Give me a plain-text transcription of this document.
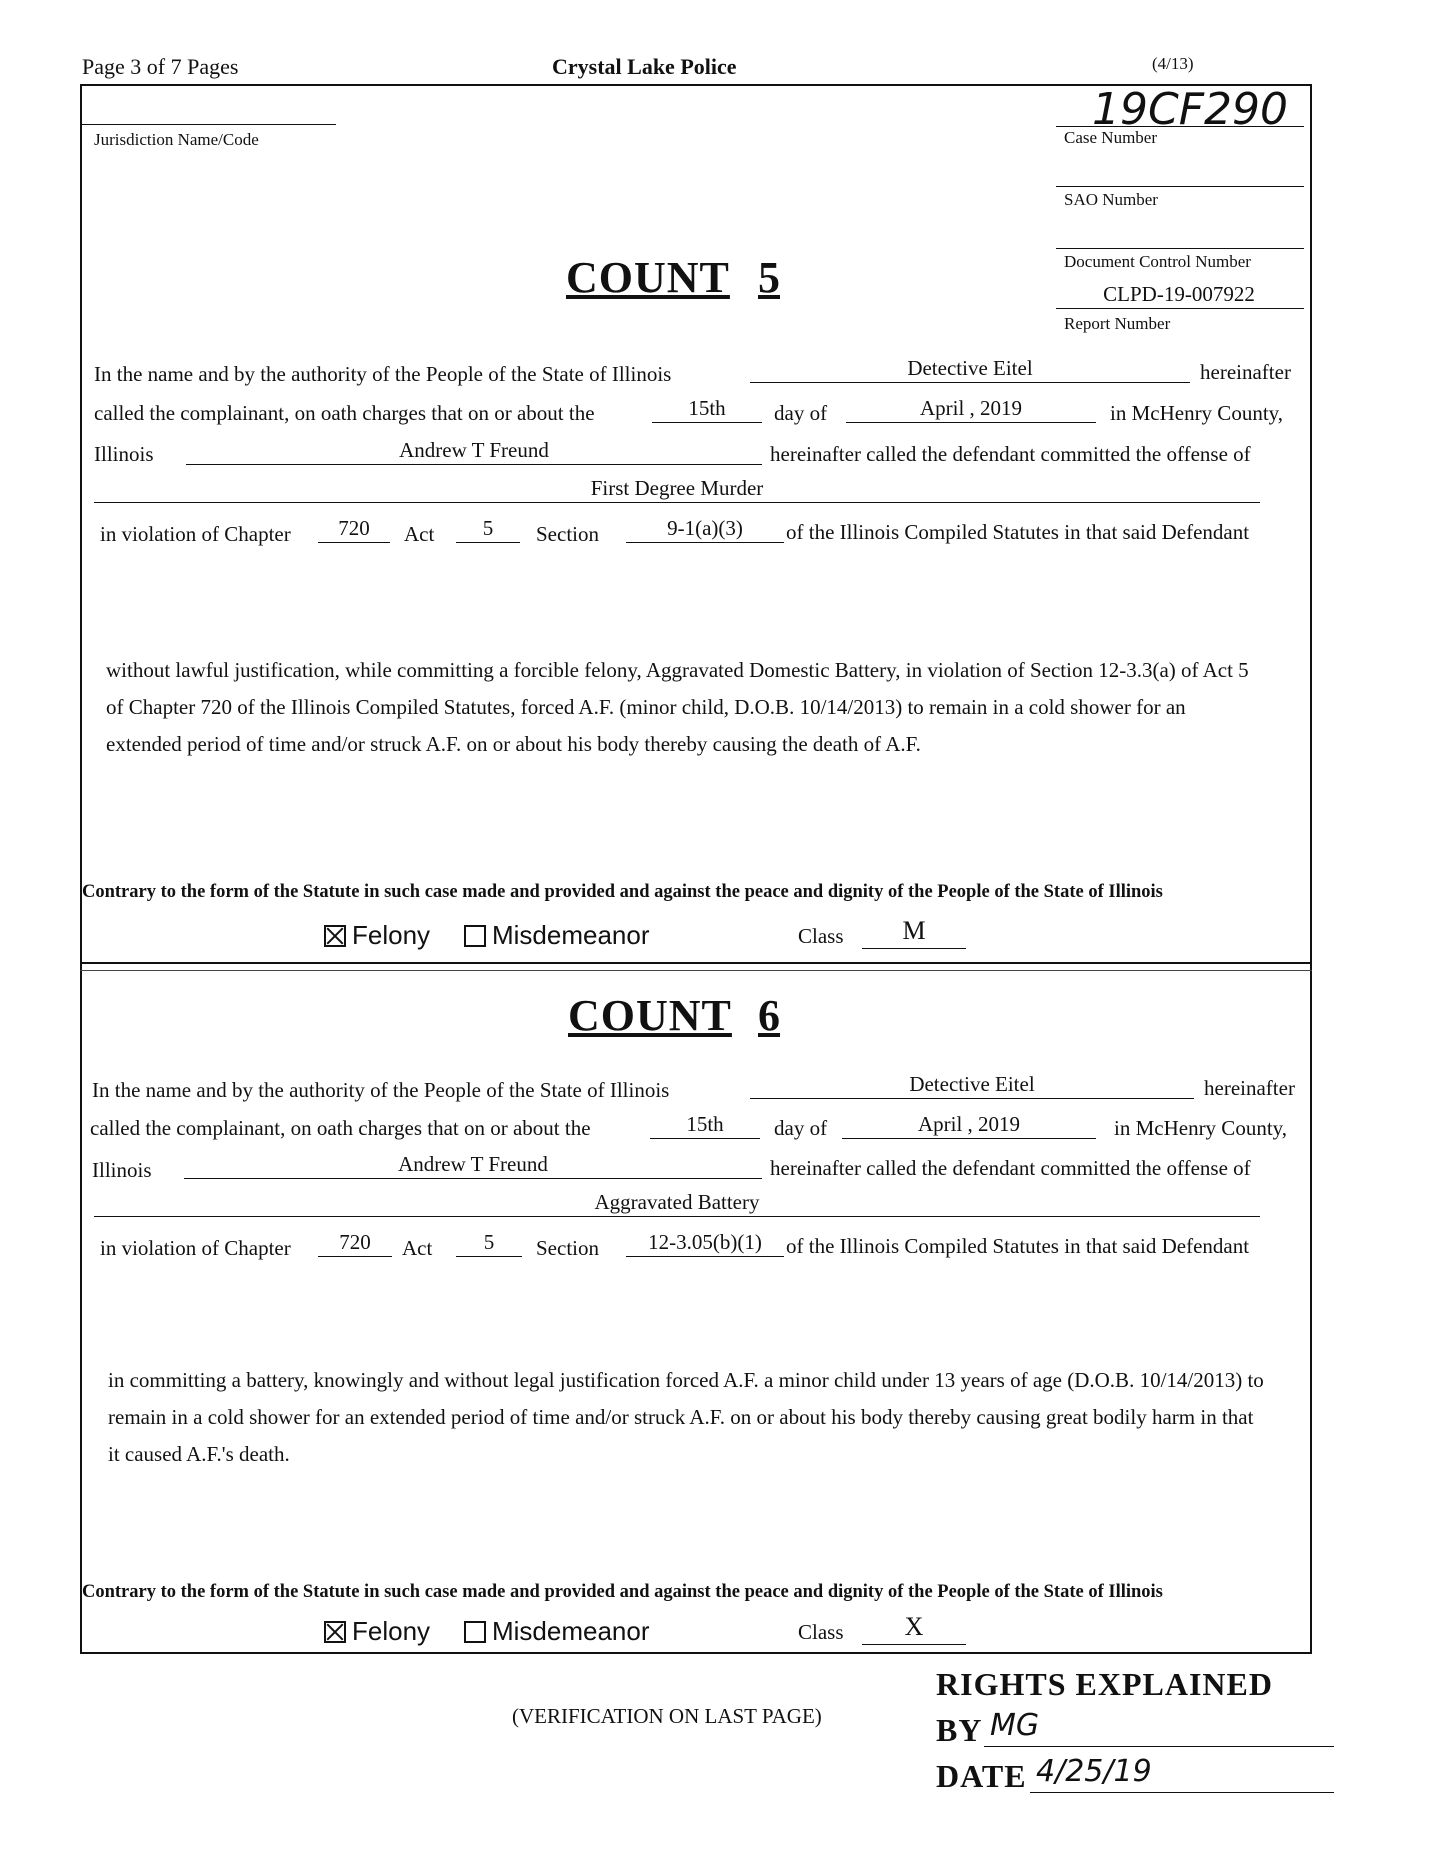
Page 3 of 7 Pages	Crystal Lake Police	(4/13)
Jurisdiction Name/Code
19CF290
Case Number
SAO Number
Document Control Number
CLPD-19-007922
Report Number
COUNT 5
In the name and by the authority of the People of the State of Illinois	Detective Eitel	hereinafter
called the complainant, on oath charges that on or about the	15th	day of	April , 2019	in McHenry County,
Illinois	Andrew T Freund	hereinafter called the defendant committed the offense of
First Degree Murder
in violation of Chapter	720	Act	5	Section	9-1(a)(3)	of the Illinois Compiled Statutes in that said Defendant
without lawful justification, while committing a forcible felony, Aggravated Domestic Battery, in violation of Section 12-3.3(a) of Act 5 of Chapter 720 of the Illinois Compiled Statutes, forced A.F. (minor child, D.O.B. 10/14/2013) to remain in a cold shower for an extended period of time and/or struck A.F. on or about his body thereby causing the death of A.F.
Contrary to the form of the Statute in such case made and provided and against the peace and dignity of the People of the State of Illinois
Felony Misdemeanor	Class	M
COUNT 6
In the name and by the authority of the People of the State of Illinois	Detective Eitel	hereinafter
called the complainant, on oath charges that on or about the	15th	day of	April , 2019	in McHenry County,
Illinois	Andrew T Freund	hereinafter called the defendant committed the offense of
Aggravated Battery
in violation of Chapter	720	Act	5	Section	12-3.05(b)(1)	of the Illinois Compiled Statutes in that said Defendant
in committing a battery, knowingly and without legal justification forced A.F. a minor child under 13 years of age (D.O.B. 10/14/2013) to remain in a cold shower for an extended period of time and/or struck A.F. on or about his body thereby causing great bodily harm in that it caused A.F.'s death.
Contrary to the form of the Statute in such case made and provided and against the peace and dignity of the People of the State of Illinois
Felony Misdemeanor	Class	X
(VERIFICATION ON LAST PAGE)
RIGHTS EXPLAINED
BY MG
DATE 4/25/19
